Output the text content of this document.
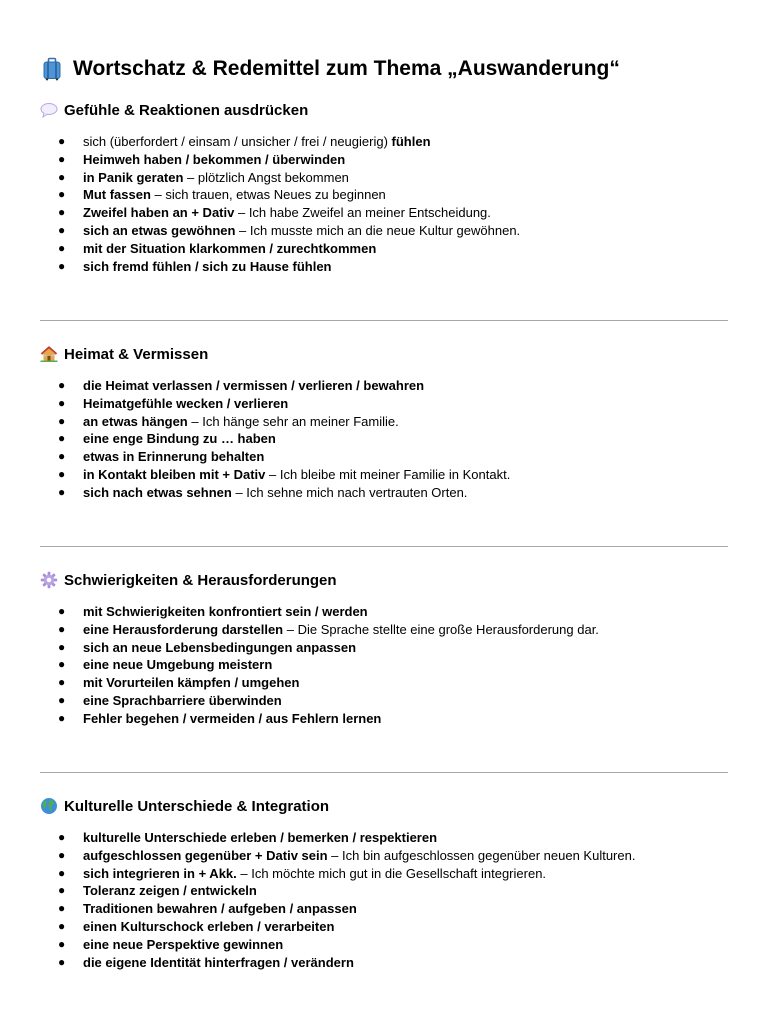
Wortschatz & Redemittel zum Thema „Auswanderung“
Gefühle & Reaktionen ausdrücken
● sich (überfordert / einsam / unsicher / frei / neugierig) fühlen
● Heimweh haben / bekommen / überwinden
● in Panik geraten – plötzlich Angst bekommen
● Mut fassen – sich trauen, etwas Neues zu beginnen
● Zweifel haben an + Dativ – Ich habe Zweifel an meiner Entscheidung.
● sich an etwas gewöhnen – Ich musste mich an die neue Kultur gewöhnen.
● mit der Situation klarkommen / zurechtkommen
● sich fremd fühlen / sich zu Hause fühlen
Heimat & Vermissen
● die Heimat verlassen / vermissen / verlieren / bewahren
● Heimatgefühle wecken / verlieren
● an etwas hängen – Ich hänge sehr an meiner Familie.
● eine enge Bindung zu … haben
● etwas in Erinnerung behalten
● in Kontakt bleiben mit + Dativ – Ich bleibe mit meiner Familie in Kontakt.
● sich nach etwas sehnen – Ich sehne mich nach vertrauten Orten.
Schwierigkeiten & Herausforderungen
● mit Schwierigkeiten konfrontiert sein / werden
● eine Herausforderung darstellen – Die Sprache stellte eine große Herausforderung dar.
● sich an neue Lebensbedingungen anpassen
● eine neue Umgebung meistern
● mit Vorurteilen kämpfen / umgehen
● eine Sprachbarriere überwinden
● Fehler begehen / vermeiden / aus Fehlern lernen
Kulturelle Unterschiede & Integration
● kulturelle Unterschiede erleben / bemerken / respektieren
● aufgeschlossen gegenüber + Dativ sein – Ich bin aufgeschlossen gegenüber neuen Kulturen.
● sich integrieren in + Akk. – Ich möchte mich gut in die Gesellschaft integrieren.
● Toleranz zeigen / entwickeln
● Traditionen bewahren / aufgeben / anpassen
● einen Kulturschock erleben / verarbeiten
● eine neue Perspektive gewinnen
● die eigene Identität hinterfragen / verändern
